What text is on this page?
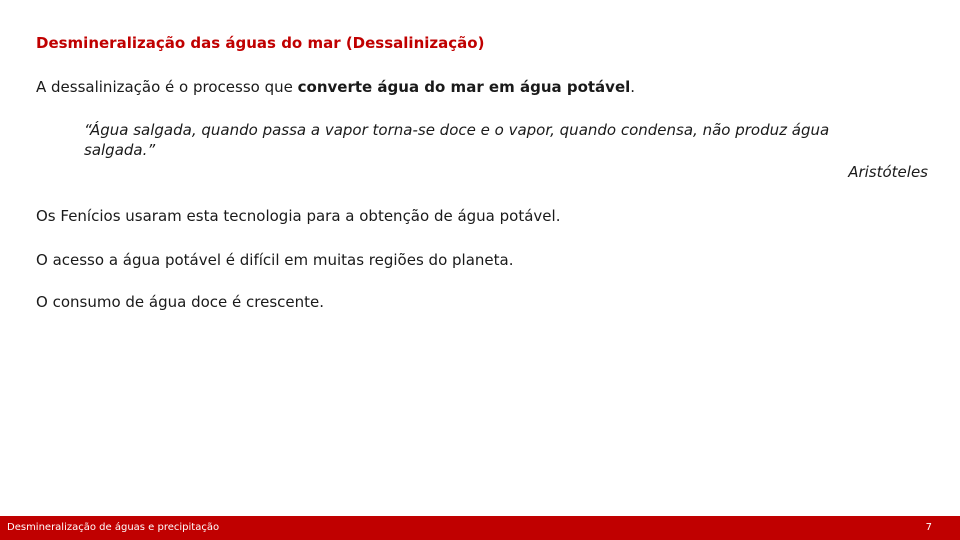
Desmineralização das águas do mar (Dessalinização)
A dessalinização é o processo que converte água do mar em água potável.
“Água salgada, quando passa a vapor torna-se doce e o vapor, quando condensa, não produz água salgada.”
Aristóteles
Os Fenícios usaram esta tecnologia para a obtenção de água potável.
O acesso a água potável é difícil em muitas regiões do planeta.
O consumo de água doce é crescente.
Desmineralização de águas e precipitação	7
